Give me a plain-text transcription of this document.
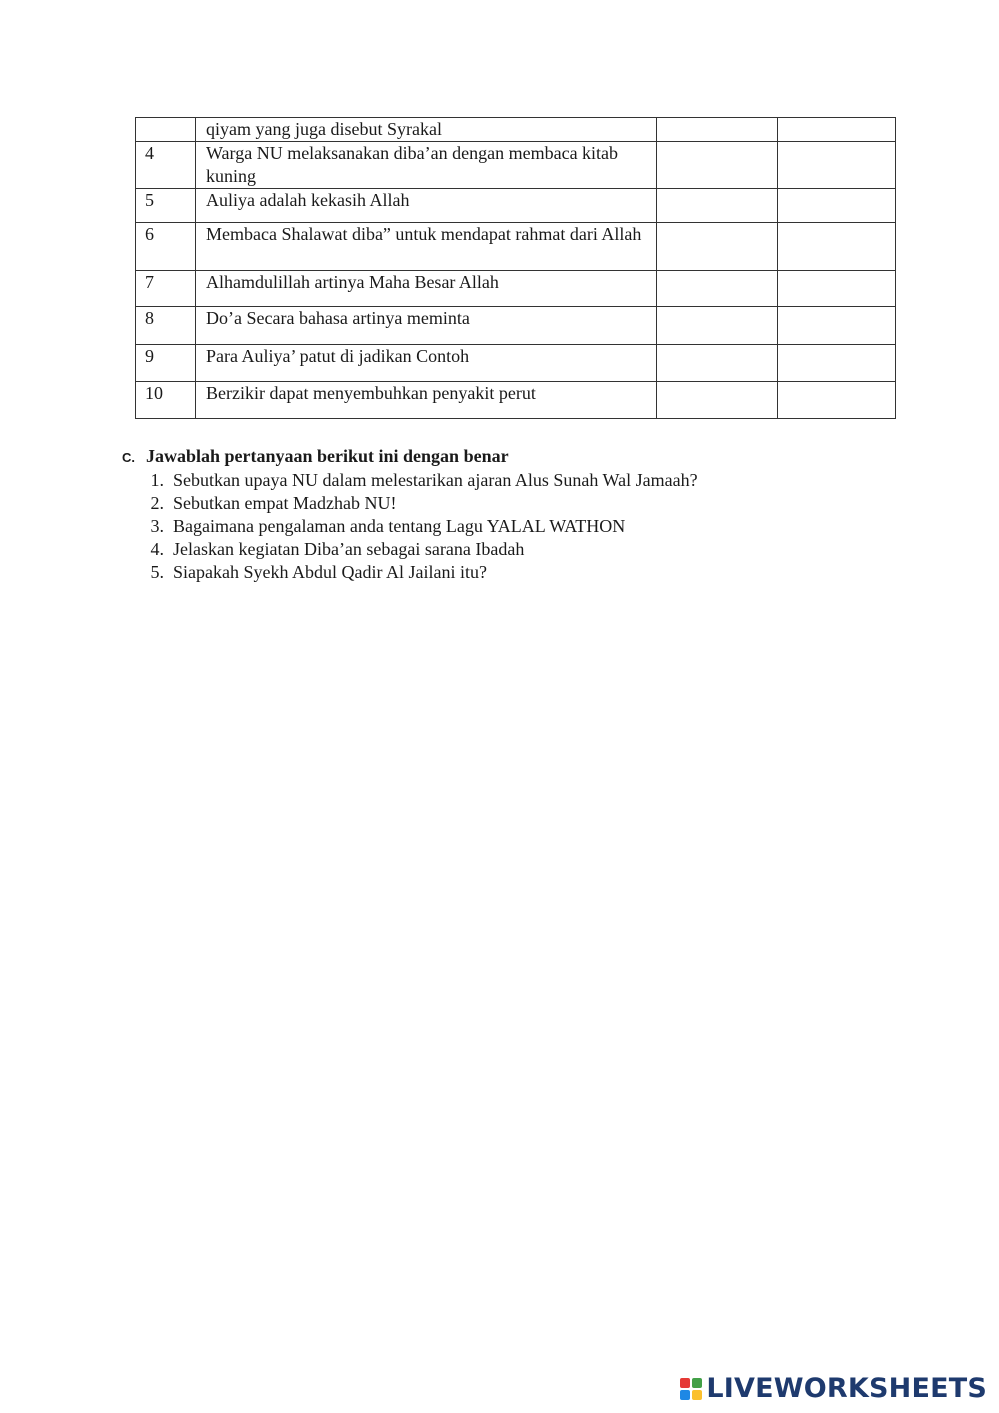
	qiyam yang juga disebut Syrakal		
4	Warga NU melaksanakan diba’an dengan membaca kitab kuning		
5	Auliya adalah kekasih Allah		
6	Membaca Shalawat diba” untuk mendapat rahmat dari Allah		
7	Alhamdulillah artinya Maha Besar Allah		
8	Do’a Secara bahasa artinya meminta		
9	Para Auliya’ patut di jadikan Contoh		
10	Berzikir dapat menyembuhkan penyakit perut		
C. Jawablah pertanyaan berikut ini dengan benar
1. Sebutkan upaya NU dalam melestarikan ajaran Alus Sunah Wal Jamaah?
2. Sebutkan empat Madzhab NU!
3. Bagaimana pengalaman anda tentang Lagu YALAL WATHON
4. Jelaskan kegiatan Diba’an sebagai sarana Ibadah
5. Siapakah Syekh Abdul Qadir Al Jailani itu?
LIVEWORKSHEETS
